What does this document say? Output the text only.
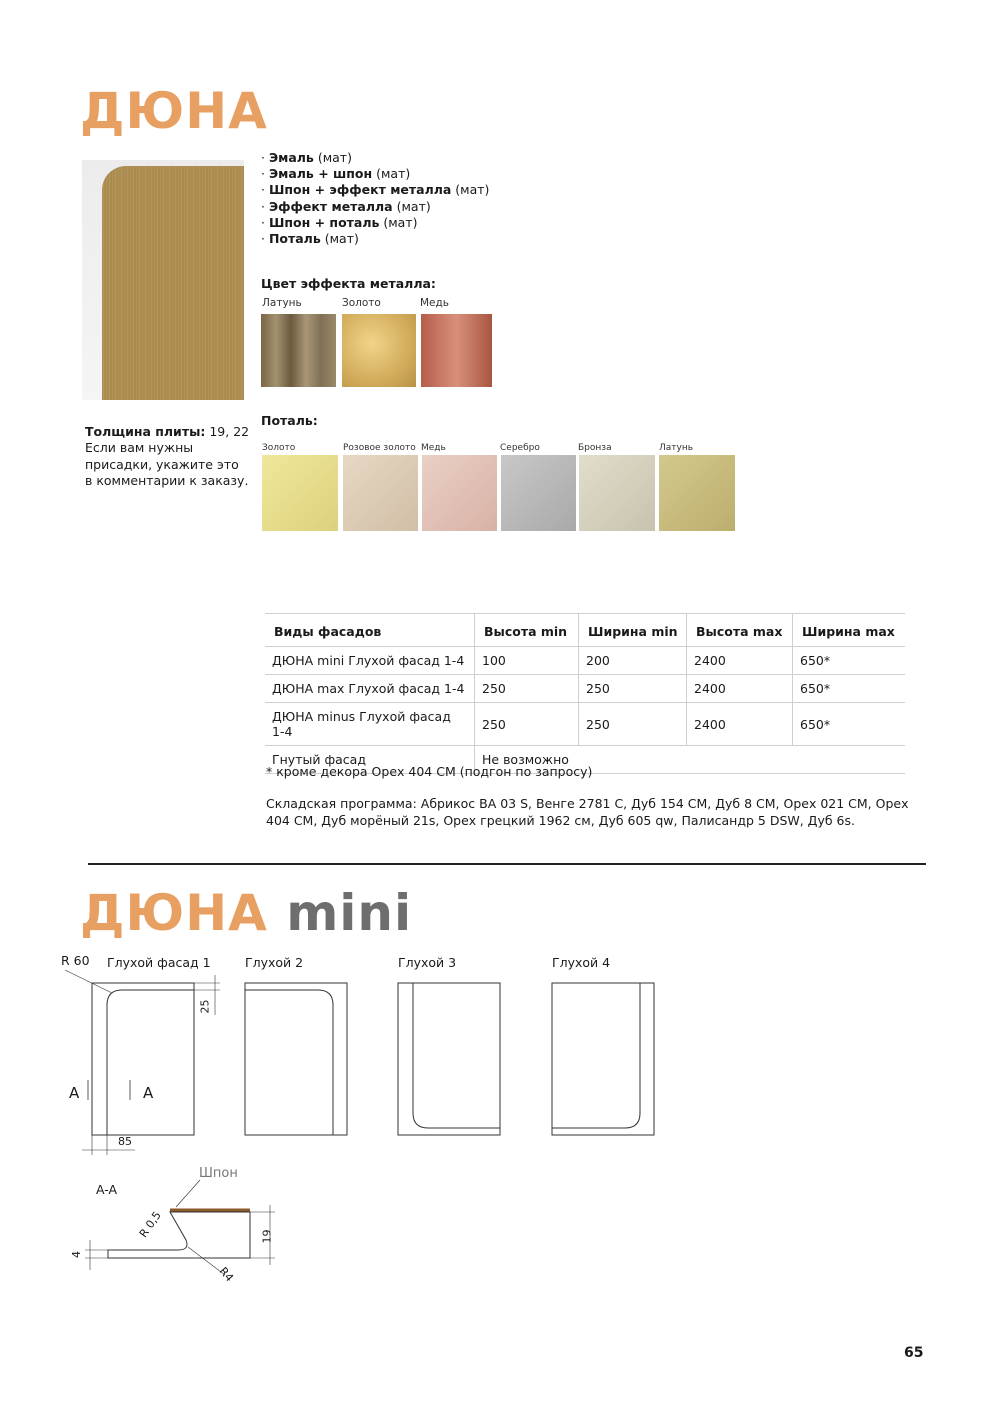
ДЮНА
· Эмаль (мат)
· Эмаль + шпон (мат)
· Шпон + эффект металла (мат)
· Эффект металла (мат)
· Шпон + поталь (мат)
· Поталь (мат)
Толщина плиты: 19, 22
Если вам нужны присадки, укажите это в комментарии к заказу.
Цвет эффекта металла:
Латунь	Золото	Медь
Поталь:
Золото	Розовое золото Медь	Серебро	Бронза	Латунь
Виды фасадов	Высота min	Ширина min	Высота max	Ширина max
ДЮНА mini Глухой фасад 1-4	100	200	2400	650*
ДЮНА max Глухой фасад 1-4	250	250	2400	650*
ДЮНА minus Глухой фасад 1-4	250	250	2400	650*
Гнутый фасад	Не возможно			
* кроме декора Орех 404 СМ (подгон по запросу)
Складская программа: Абрикос ВА 03 S, Венге 2781 С, Дуб 154 СМ, Дуб 8 СМ, Орех 021 СМ, Орех 404 СМ, Дуб морёный 21s, Орех грецкий 1962 см, Дуб 605 qw, Палисандр 5 DSW, Дуб 6s.
ДЮНА mini
R 60 Глухой фасад 1	Глухой 2	Глухой 3	Глухой 4
25
85
A	A
A-A
Шпон
R 0,5
R4
19
4
65
